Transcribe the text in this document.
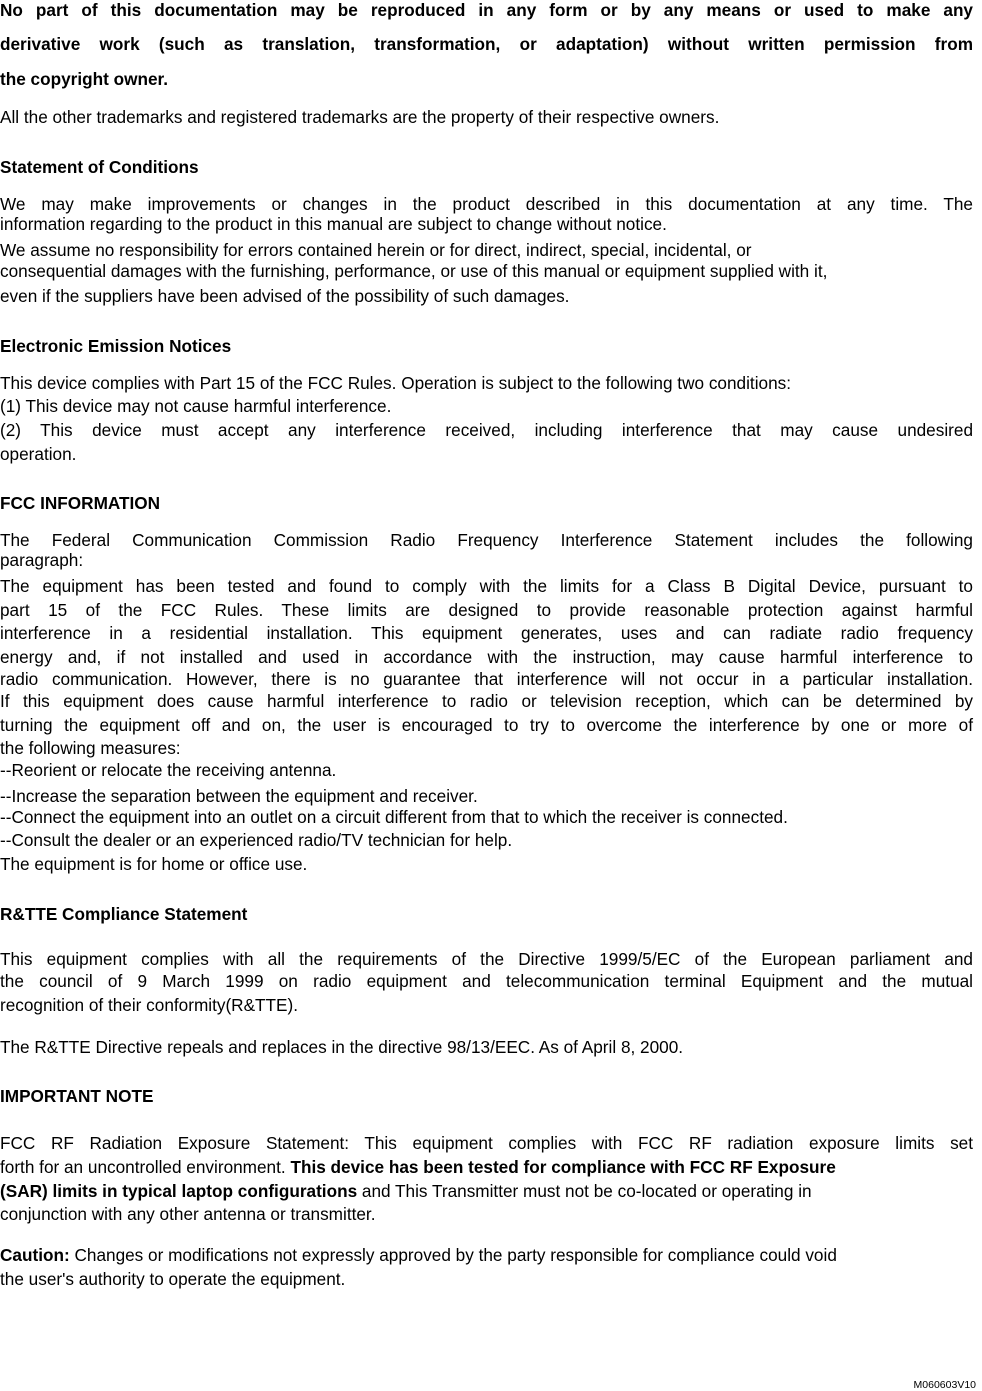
No part of this documentation may be reproduced in any form or by any means or used to make any
derivative work (such as translation, transformation, or adaptation) without written permission from
the copyright owner.
All the other trademarks and registered trademarks are the property of their respective owners.
Statement of Conditions
We may make improvements or changes in the product described in this documentation at any time. The
information regarding to the product in this manual are subject to change without notice.
We assume no responsibility for errors contained herein or for direct, indirect, special, incidental, or
consequential damages with the furnishing, performance, or use of this manual or equipment supplied with it,
even if the suppliers have been advised of the possibility of such damages.
Electronic Emission Notices
This device complies with Part 15 of the FCC Rules. Operation is subject to the following two conditions:
(1) This device may not cause harmful interference.
(2) This device must accept any interference received, including interference that may cause undesired
operation.
FCC INFORMATION
The Federal Communication Commission Radio Frequency Interference Statement includes the following
paragraph:
The equipment has been tested and found to comply with the limits for a Class B Digital Device, pursuant to
part 15 of the FCC Rules. These limits are designed to provide reasonable protection against harmful
interference in a residential installation. This equipment generates, uses and can radiate radio frequency
energy and, if not installed and used in accordance with the instruction, may cause harmful interference to
radio communication. However, there is no guarantee that interference will not occur in a particular installation.
If this equipment does cause harmful interference to radio or television reception, which can be determined by
turning the equipment off and on, the user is encouraged to try to overcome the interference by one or more of
the following measures:
--Reorient or relocate the receiving antenna.
--Increase the separation between the equipment and receiver.
--Connect the equipment into an outlet on a circuit different from that to which the receiver is connected.
--Consult the dealer or an experienced radio/TV technician for help.
The equipment is for home or office use.
R&TTE Compliance Statement
This equipment complies with all the requirements of the Directive 1999/5/EC of the European parliament and
the council of 9 March 1999 on radio equipment and telecommunication terminal Equipment and the mutual
recognition of their conformity(R&TTE).
The R&TTE Directive repeals and replaces in the directive 98/13/EEC. As of April 8, 2000.
IMPORTANT NOTE
FCC RF Radiation Exposure Statement: This equipment complies with FCC RF radiation exposure limits set
forth for an uncontrolled environment. This device has been tested for compliance with FCC RF Exposure
(SAR) limits in typical laptop configurations and This Transmitter must not be co-located or operating in
conjunction with any other antenna or transmitter.
Caution: Changes or modifications not expressly approved by the party responsible for compliance could void
the user's authority to operate the equipment.
M060603V10
